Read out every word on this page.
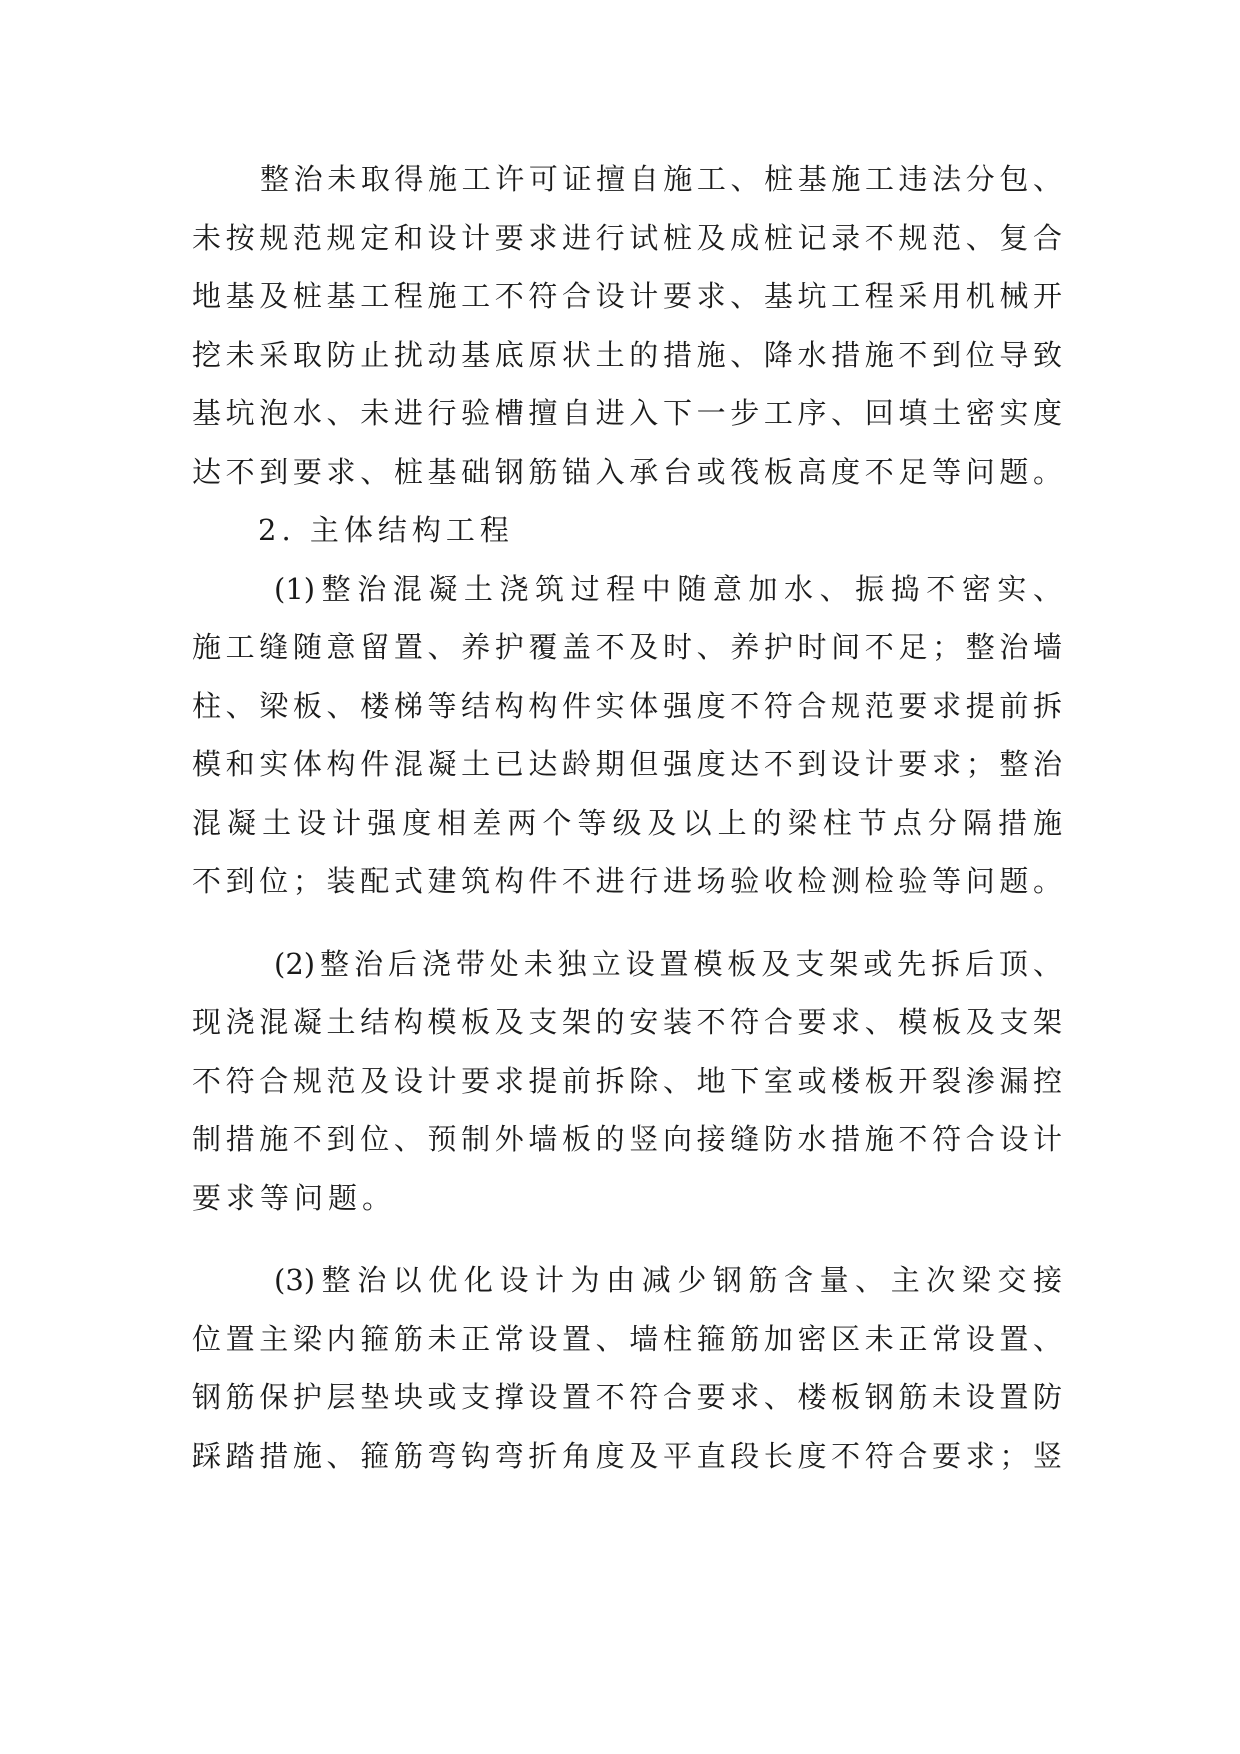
整治未取得施工许可证擅自施工、桩基施工违法分包、
未按规范规定和设计要求进行试桩及成桩记录不规范、复合
地基及桩基工程施工不符合设计要求、基坑工程采用机械开
挖未采取防止扰动基底原状土的措施、降水措施不到位导致
基坑泡水、未进行验槽擅自进入下一步工序、回填土密实度
达不到要求、桩基础钢筋锚入承台或筏板高度不足等问题。
2. 主体结构工程
(1)整治混凝土浇筑过程中随意加水、振捣不密实、
施工缝随意留置、养护覆盖不及时、养护时间不足；整治墙
柱、梁板、楼梯等结构构件实体强度不符合规范要求提前拆
模和实体构件混凝土已达龄期但强度达不到设计要求；整治
混凝土设计强度相差两个等级及以上的梁柱节点分隔措施
不到位；装配式建筑构件不进行进场验收检测检验等问题。
(2)整治后浇带处未独立设置模板及支架或先拆后顶、
现浇混凝土结构模板及支架的安装不符合要求、模板及支架
不符合规范及设计要求提前拆除、地下室或楼板开裂渗漏控
制措施不到位、预制外墙板的竖向接缝防水措施不符合设计
要求等问题。
(3)整治以优化设计为由减少钢筋含量、主次梁交接
位置主梁内箍筋未正常设置、墙柱箍筋加密区未正常设置、
钢筋保护层垫块或支撑设置不符合要求、楼板钢筋未设置防
踩踏措施、箍筋弯钩弯折角度及平直段长度不符合要求；竖
